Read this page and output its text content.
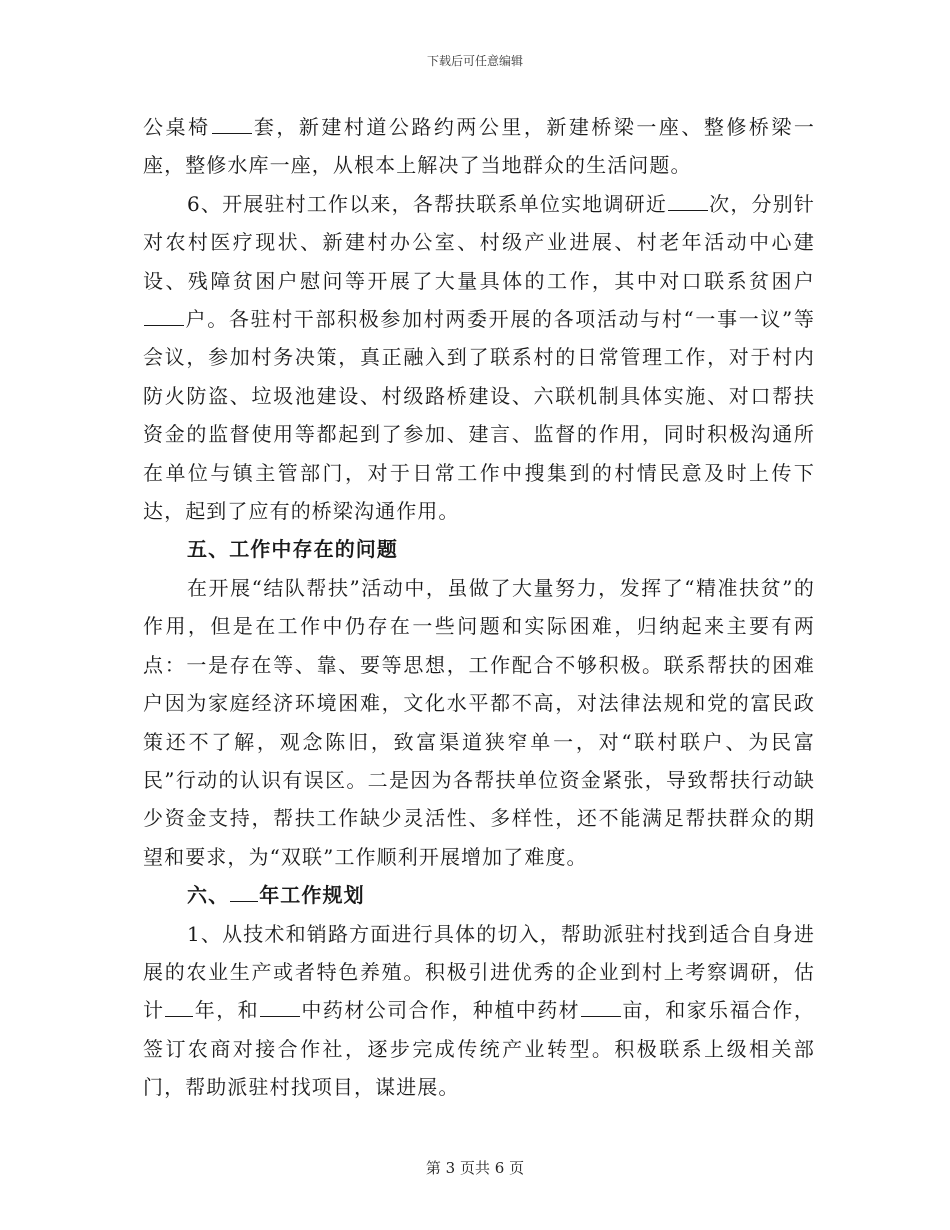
下载后可任意编辑

公桌椅 套，新建村道公路约两公里，新建桥梁一座、整修桥梁一座，整修水库一座，从根本上解决了当地群众的生活问题。

6、开展驻村工作以来，各帮扶联系单位实地调研近 次，分别针对农村医疗现状、新建村办公室、村级产业进展、村老年活动中心建设、残障贫困户慰问等开展了大量具体的工作，其中对口联系贫困户户。各驻村干部积极参加村两委开展的各项活动与村“一事一议”等会议，参加村务决策，真正融入到了联系村的日常管理工作，对于村内防火防盗、垃圾池建设、村级路桥建设、六联机制具体实施、对口帮扶资金的监督使用等都起到了参加、建言、监督的作用，同时积极沟通所在单位与镇主管部门，对于日常工作中搜集到的村情民意及时上传下达，起到了应有的桥梁沟通作用。

五、工作中存在的问题

在开展“结队帮扶”活动中，虽做了大量努力，发挥了“精准扶贫”的作用，但是在工作中仍存在一些问题和实际困难，归纳起来主要有两点：一是存在等、靠、要等思想，工作配合不够积极。联系帮扶的困难户因为家庭经济环境困难，文化水平都不高，对法律法规和党的富民政策还不了解，观念陈旧，致富渠道狭窄单一，对“联村联户、为民富民”行动的认识有误区。二是因为各帮扶单位资金紧张，导致帮扶行动缺少资金支持，帮扶工作缺少灵活性、多样性，还不能满足帮扶群众的期望和要求，为“双联”工作顺利开展增加了难度。

六、 年工作规划

1、从技术和销路方面进行具体的切入，帮助派驻村找到适合自身进展的农业生产或者特色养殖。积极引进优秀的企业到村上考察调研，估计 年，和 中药材公司合作，种植中药材 亩，和家乐福合作，签订农商对接合作社，逐步完成传统产业转型。积极联系上级相关部门，帮助派驻村找项目，谋进展。

第 3 页共 6 页
